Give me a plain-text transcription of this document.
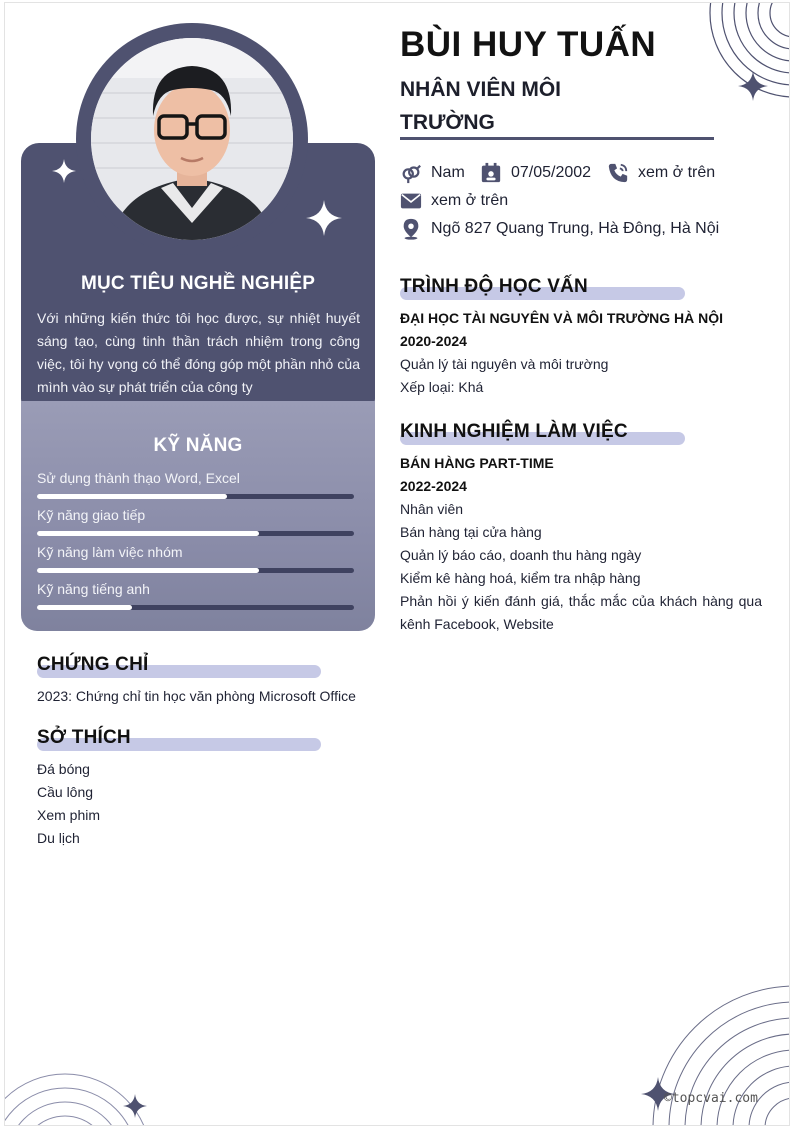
MỤC TIÊU NGHỀ NGHIỆP
Với những kiến thức tôi học được, sự nhiệt huyết sáng tạo, cùng tinh thần trách nhiệm trong công việc, tôi hy vọng có thể đóng góp một phần nhỏ của mình vào sự phát triển của công ty
KỸ NĂNG
Sử dụng thành thạo Word, Excel
Kỹ năng giao tiếp
Kỹ năng làm việc nhóm
Kỹ năng tiếng anh
CHỨNG CHỈ
2023: Chứng chỉ tin học văn phòng Microsoft Office
SỞ THÍCH
Đá bóng
Cầu lông
Xem phim
Du lịch
BÙI HUY TUẤN
NHÂN VIÊN MÔI TRƯỜNG
Nam	07/05/2002	xem ở trên
xem ở trên
Ngõ 827 Quang Trung, Hà Đông, Hà Nội
TRÌNH ĐỘ HỌC VẤN
ĐẠI HỌC TÀI NGUYÊN VÀ MÔI TRƯỜNG HÀ NỘI
2020-2024
Quản lý tài nguyên và môi trường
Xếp loại: Khá
KINH NGHIỆM LÀM VIỆC
BÁN HÀNG PART-TIME
2022-2024
Nhân viên
Bán hàng tại cửa hàng
Quản lý báo cáo, doanh thu hàng ngày
Kiểm kê hàng hoá, kiểm tra nhập hàng
Phản hồi ý kiến đánh giá, thắc mắc của khách hàng qua kênh Facebook, Website
©topcvai.com
